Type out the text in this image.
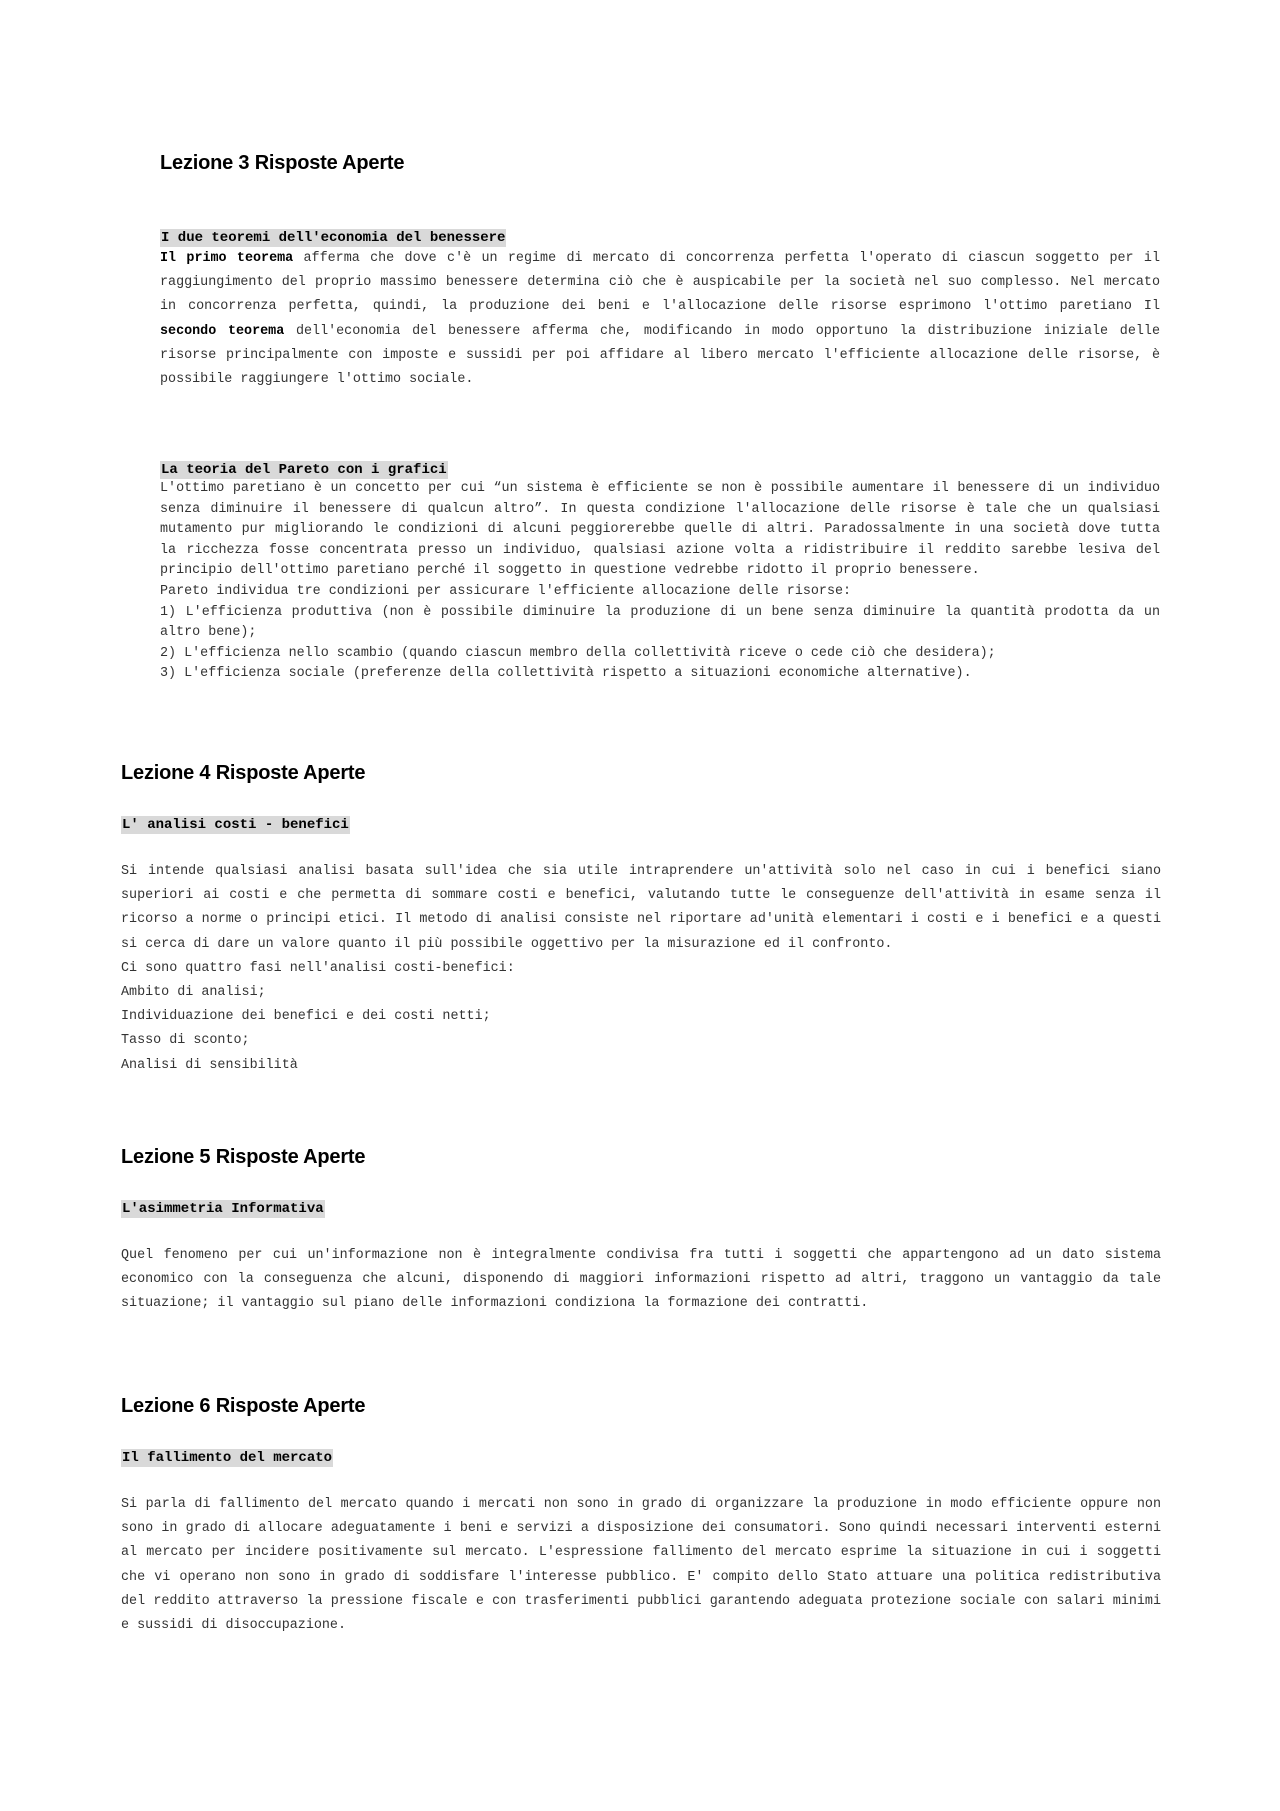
Lezione 3 Risposte Aperte
I due teoremi dell'economia del benessere

Il primo teorema afferma che dove c'è un regime di mercato di concorrenza perfetta l'operato di ciascun soggetto per il raggiungimento del proprio massimo benessere determina ciò che è auspicabile per la società nel suo complesso. Nel mercato in concorrenza perfetta, quindi, la produzione dei beni e l'allocazione delle risorse esprimono l'ottimo paretiano Il secondo teorema dell'economia del benessere afferma che, modificando in modo opportuno la distribuzione iniziale delle risorse principalmente con imposte e sussidi per poi affidare al libero mercato l'efficiente allocazione delle risorse, è possibile raggiungere l'ottimo sociale.

La teoria del Pareto con i grafici

L'ottimo paretiano è un concetto per cui “un sistema è efficiente se non è possibile aumentare il benessere di un individuo senza diminuire il benessere di qualcun altro”. In questa condizione l'allocazione delle risorse è tale che un qualsiasi mutamento pur migliorando le condizioni di alcuni peggiorerebbe quelle di altri. Paradossalmente in una società dove tutta la ricchezza fosse concentrata presso un individuo, qualsiasi azione volta a ridistribuire il reddito sarebbe lesiva del principio dell'ottimo paretiano perché il soggetto in questione vedrebbe ridotto il proprio benessere.

Pareto individua tre condizioni per assicurare l'efficiente allocazione delle risorse:

1) L'efficienza produttiva (non è possibile diminuire la produzione di un bene senza diminuire la quantità prodotta da un altro bene);

2) L'efficienza nello scambio (quando ciascun membro della collettività riceve o cede ciò che desidera);

3) L'efficienza sociale (preferenze della collettività rispetto a situazioni economiche alternative).

Lezione 4 Risposte Aperte
L' analisi costi - benefici

Si intende qualsiasi analisi basata sull'idea che sia utile intraprendere un'attività solo nel caso in cui i benefici siano superiori ai costi e che permetta di sommare costi e benefici, valutando tutte le conseguenze dell'attività in esame senza il ricorso a norme o principi etici. Il metodo di analisi consiste nel riportare ad'unità elementari i costi e i benefici e a questi si cerca di dare un valore quanto il più possibile oggettivo per la misurazione ed il confronto.

Ci sono quattro fasi nell'analisi costi-benefici:

Ambito di analisi;

Individuazione dei benefici e dei costi netti;

Tasso di sconto;

Analisi di sensibilità

Lezione 5 Risposte Aperte
L'asimmetria Informativa

Quel fenomeno per cui un'informazione non è integralmente condivisa fra tutti i soggetti che appartengono ad un dato sistema economico con la conseguenza che alcuni, disponendo di maggiori informazioni rispetto ad altri, traggono un vantaggio da tale situazione; il vantaggio sul piano delle informazioni condiziona la formazione dei contratti.

Lezione 6 Risposte Aperte
Il fallimento del mercato

Si parla di fallimento del mercato quando i mercati non sono in grado di organizzare la produzione in modo efficiente oppure non sono in grado di allocare adeguatamente i beni e servizi a disposizione dei consumatori. Sono quindi necessari interventi esterni al mercato per incidere positivamente sul mercato. L'espressione fallimento del mercato esprime la situazione in cui i soggetti che vi operano non sono in grado di soddisfare l'interesse pubblico. E' compito dello Stato attuare una politica redistributiva del reddito attraverso la pressione fiscale e con trasferimenti pubblici garantendo adeguata protezione sociale con salari minimi e sussidi di disoccupazione.
